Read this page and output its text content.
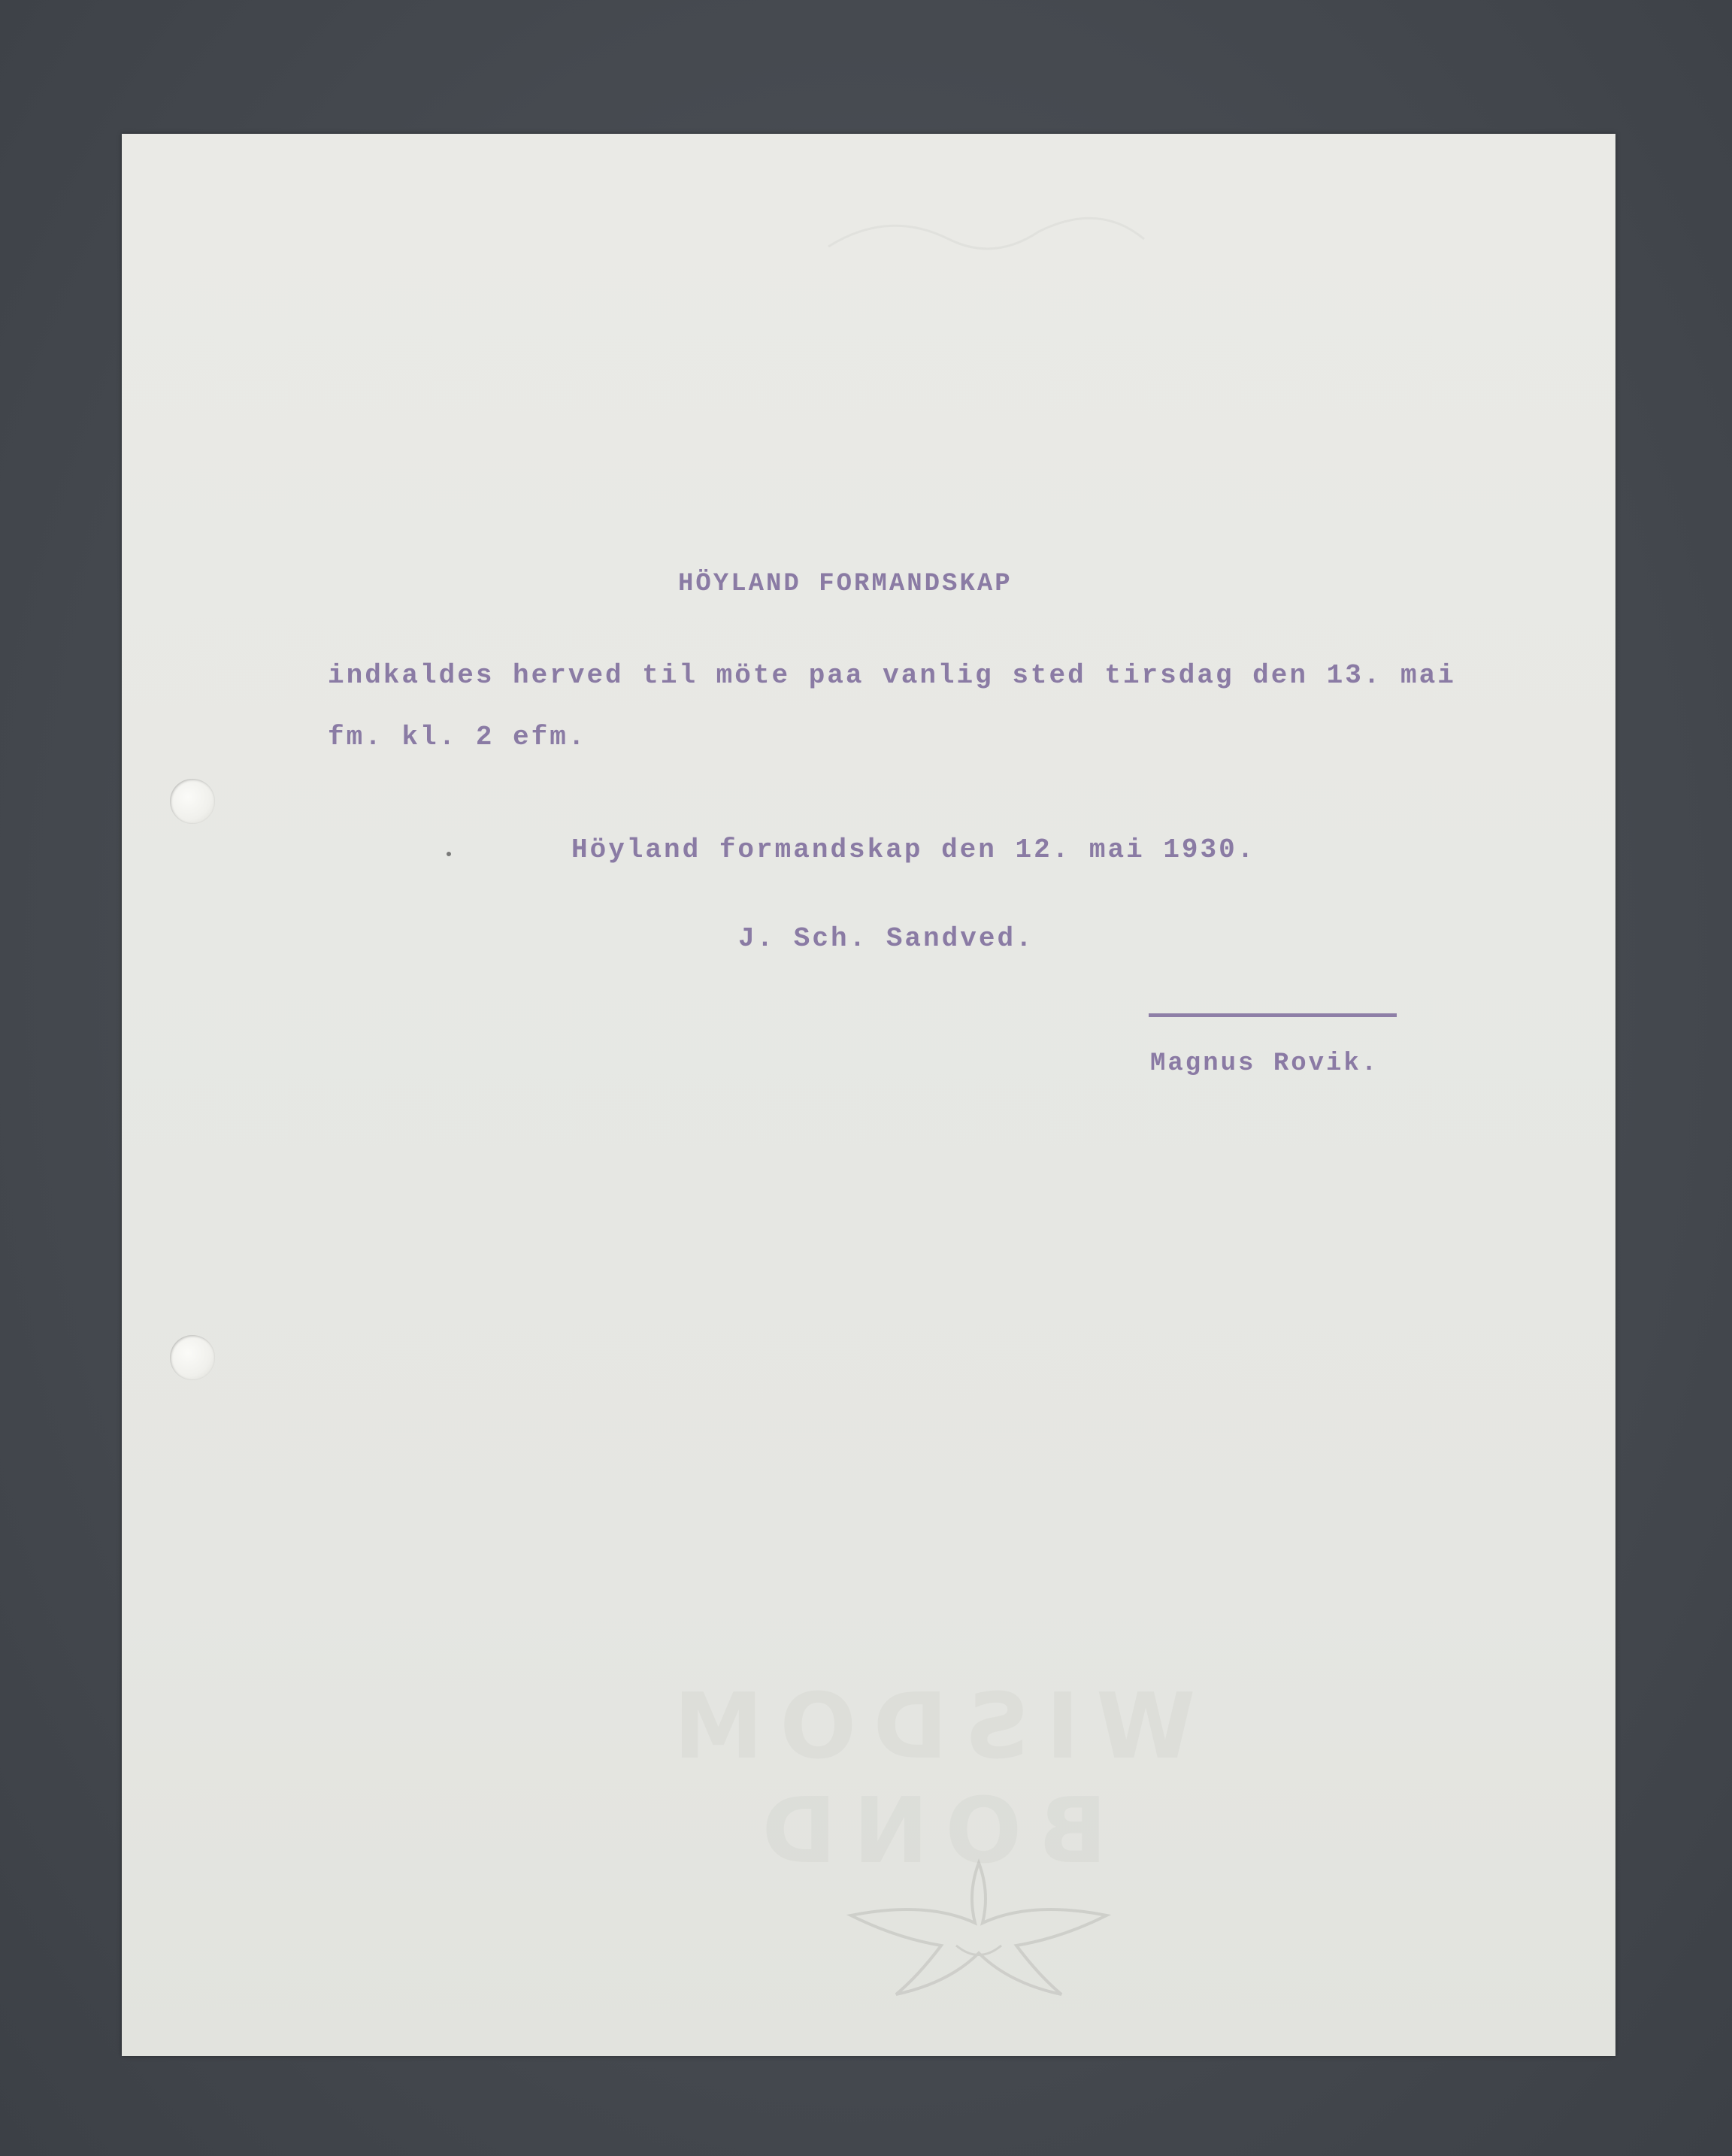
HÖYLAND FORMANDSKAP
indkaldes herved til möte paa vanlig sted tirsdag den 13. mai
fm. kl. 2 efm.
Höyland formandskap den 12. mai 1930.
J. Sch. Sandved.
Magnus Rovik.
WISDOM BOND
